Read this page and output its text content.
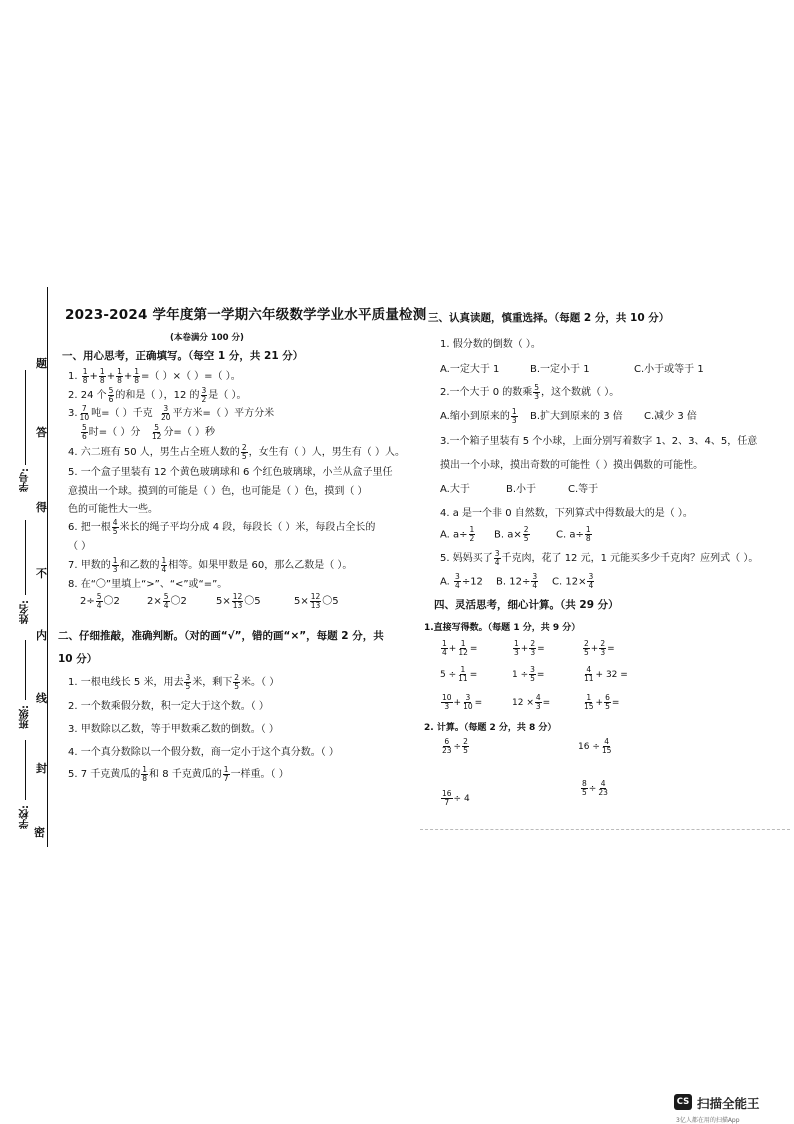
题
答
得
不
内
线
封
密
学号:
姓名:
班级:
学校:
2023-2024 学年度第一学期六年级数学学业水平质量检测
(本卷满分 100 分)
一、用心思考，正确填写。（每空 1 分，共 21 分）
1. $\frac{1}{8} + \frac{1}{8} + \frac{1}{8} + \frac{1}{8}$ =（ ）×（ ）=（ ）。
2. 24 个 $\frac{5}{6}$ 的和是（ ），12 的 $\frac{3}{2}$ 是（ ）。
3. $\frac{7}{10}$ 吨=（ ）千克 $\frac{3}{20}$ 平方米=（ ）平方分米
$\frac{5}{6}$ 时=（ ）分 $\frac{5}{12}$ 分=（ ）秒
4. 六二班有 50 人，男生占全班人数的 $\frac{2}{5}$ ，女生有（ ）人，男生有（ ）人。
5. 一个盒子里装有 12 个黄色玻璃球和 6 个红色玻璃球，小兰从盒子里任
意摸出一个球。摸到的可能是（ ）色，也可能是（ ）色，摸到（ ）
色的可能性大一些。
6. 把一根 $\frac{4}{5}$ 米长的绳子平均分成 4 段，每段长（ ）米，每段占全长的
（ ）
7. 甲数的 $\frac{1}{3}$ 和乙数的 $\frac{1}{4}$ 相等。如果甲数是 60，那么乙数是（ ）。
8. 在“〇”里填上“>”、“<”或“=”。
$2\div \frac{5}{4}$ 〇2	$2\times \frac{5}{4}$ 〇2	$5\times \frac{12}{13}$ 〇5	$5\times \frac{12}{13}$ 〇5
二、仔细推敲，准确判断。（对的画“√”，错的画“×”，每题 2 分，共
10 分）
1. 一根电线长 5 米，用去 $\frac{3}{5}$ 米，剩下 $\frac{2}{5}$ 米。（ ）
2. 一个数乘假分数，积一定大于这个数。（ ）
3. 甲数除以乙数，等于甲数乘乙数的倒数。（ ）
4. 一个真分数除以一个假分数，商一定小于这个真分数。（ ）
5. 7 千克黄瓜的 $\frac{1}{8}$ 和 8 千克黄瓜的 $\frac{1}{7}$ 一样重。（ ）
三、认真读题，慎重选择。（每题 2 分，共 10 分）
1. 假分数的倒数（ ）。
A.一定大于 1	B.一定小于 1	C.小于或等于 1
2.一个大于 0 的数乘 $\frac{5}{3}$ ，这个数就（ ）。
A.缩小到原来的 $\frac{1}{3} B$.扩大到原来的 3 倍 C.减少 3 倍
3.一个箱子里装有 5 个小球，上面分别写着数字 1、2、3、4、5，任意
摸出一个小球，摸出奇数的可能性（ ）摸出偶数的可能性。
A.大于	B.小于	C.等于
4. a 是一个非 0 自然数，下列算式中得数最大的是（ ）。
A. $a\div \frac{1}{2} B$. $a\times \frac{2}{5}$	C. $a\div \frac{1}{8}$
5. 妈妈买了 $\frac{3}{4}$ 千克肉，花了 12 元，1 元能买多少千克肉？应列式（ ）。
A. $\frac{3}{4} \div 12$ B. $12\div \frac{3}{4} C$. $12\times \frac{3}{4}$
四、灵活思考，细心计算。（共 29 分）
1.直接写得数。（每题 1 分，共 9 分）
$\frac{1}{4} + \frac{1}{12}$ =	$\frac{1}{3} + \frac{2}{3}$ =	$\frac{2}{5} + \frac{2}{3}$ =
$5 \div \frac{1}{11}$ =	$1 \div \frac{3}{5}$ =	$\frac{4}{11} + 32$ =
$\frac{10}{3} + \frac{3}{10}$ =	$12 \times \frac{4}{3}$ =	$\frac{1}{15} + \frac{6}{5}$ =
2. 计算。（每题 2 分，共 8 分）
$\frac{6}{23} \div \frac{2}{5}$	$16 \div \frac{4}{15}$
$\frac{8}{5} \div \frac{4}{23}$
$\frac{16}{7} \div 4$
CS 扫描全能王
3亿人都在用的扫描App
